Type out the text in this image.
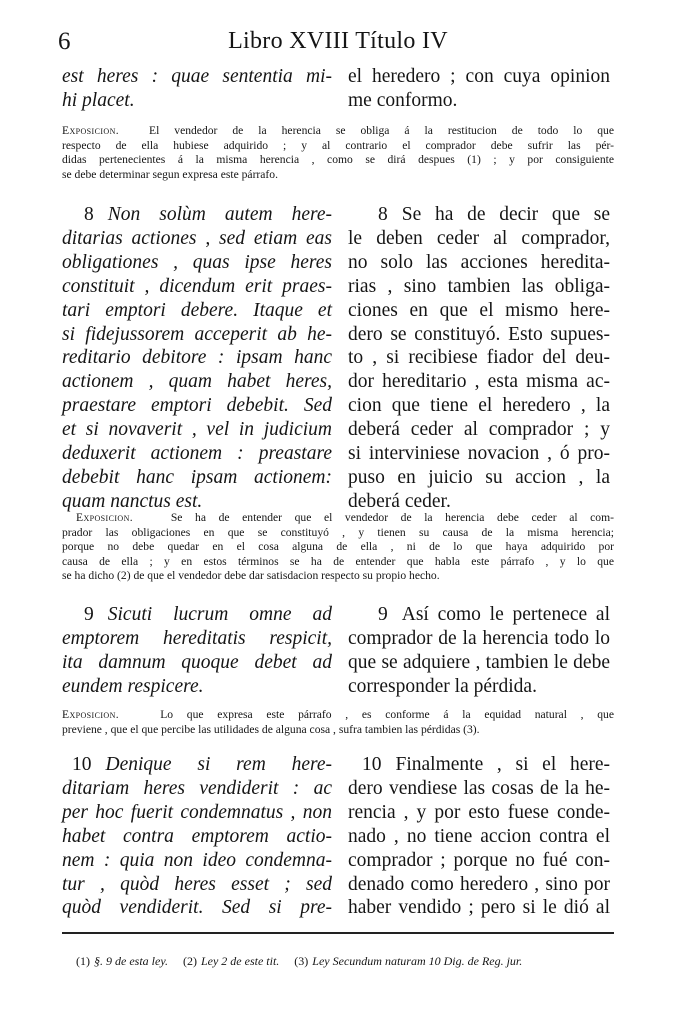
6	Libro XVIII Título IV
est heres : quae sententia mi-
hi placet.
el heredero ; con cuya opinion
me conformo.
Exposicion.	El vendedor de la herencia se obliga á la restitucion de todo lo que
respecto de ella hubiese adquirido ; y al contrario el comprador debe sufrir las pér-
didas pertenecientes á la misma herencia , como se dirá despues (1) ; y por consiguiente
se debe determinar segun expresa este párrafo.
8 Non solùm autem here-
ditarias actiones , sed etiam eas
obligationes , quas ipse heres
constituit , dicendum erit praes-
tari emptori debere. Itaque et
si fidejussorem acceperit ab he-
reditario debitore : ipsam hanc
actionem , quam habet heres,
praestare emptori debebit. Sed
et si novaverit , vel in judicium
deduxerit actionem : preastare
debebit hanc ipsam actionem:
quam nanctus est.
8 Se ha de decir que se
le deben ceder al comprador,
no solo las acciones heredita-
rias , sino tambien las obliga-
ciones en que el mismo here-
dero se constituyó. Esto supues-
to , si recibiese fiador del deu-
dor hereditario , esta misma ac-
cion que tiene el heredero , la
deberá ceder al comprador ; y
si interviniese novacion , ó pro-
puso en juicio su accion , la
deberá ceder.
Exposicion.	Se ha de entender que el vendedor de la herencia debe ceder al com-
prador las obligaciones en que se constituyó , y tienen su causa de la misma herencia;
porque no debe quedar en el cosa alguna de ella , ni de lo que haya adquirido por
causa de ella ; y en estos términos se ha de entender que habla este párrafo , y lo que
se ha dicho (2) de que el vendedor debe dar satisdacion respecto su propio hecho.
9 Sicuti lucrum omne ad
emptorem hereditatis respicit,
ita damnum quoque debet ad
eundem respicere.
9 Así como le pertenece al
comprador de la herencia todo lo
que se adquiere , tambien le debe
corresponder la pérdida.
Exposicion.	Lo que expresa este párrafo , es conforme á la equidad natural , que
previene , que el que percibe las utilidades de alguna cosa , sufra tambien las pérdidas (3).
10 Denique si rem here-
ditariam heres vendiderit : ac
per hoc fuerit condemnatus , non
habet contra emptorem actio-
nem : quia non ideo condemna-
tur , quòd heres esset ; sed
quòd vendiderit. Sed si pre-
10 Finalmente , si el here-
dero vendiese las cosas de la he-
rencia , y por esto fuese conde-
nado , no tiene accion contra el
comprador ; porque no fué con-
denado como heredero , sino por
haber vendido ; pero si le dió al
(1) §. 9 de esta ley. (2) Ley 2 de este tit. (3) Ley Secundum naturam 10 Dig. de Reg. jur.
